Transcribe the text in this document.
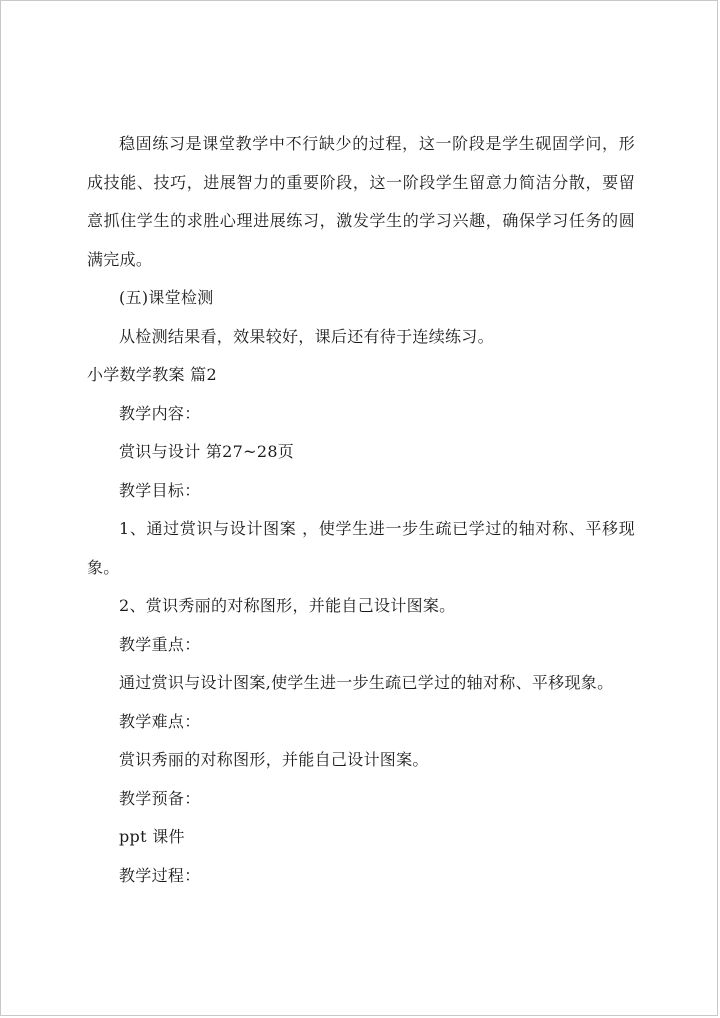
稳固练习是课堂教学中不行缺少的过程，这一阶段是学生砚固学问，形成技能、技巧，进展智力的重要阶段，这一阶段学生留意力简洁分散，要留意抓住学生的求胜心理进展练习，激发学生的学习兴趣，确保学习任务的圆满完成。

(五)课堂检测

从检测结果看，效果较好，课后还有待于连续练习。

小学数学教案 篇2

教学内容：

赏识与设计 第27~28页

教学目标：

1、通过赏识与设计图案 ，使学生进一步生疏已学过的轴对称、平移现象。

2、赏识秀丽的对称图形，并能自己设计图案。

教学重点：

通过赏识与设计图案,使学生进一步生疏已学过的轴对称、平移现象。

教学难点：

赏识秀丽的对称图形，并能自己设计图案。

教学预备：

ppt 课件

教学过程：
